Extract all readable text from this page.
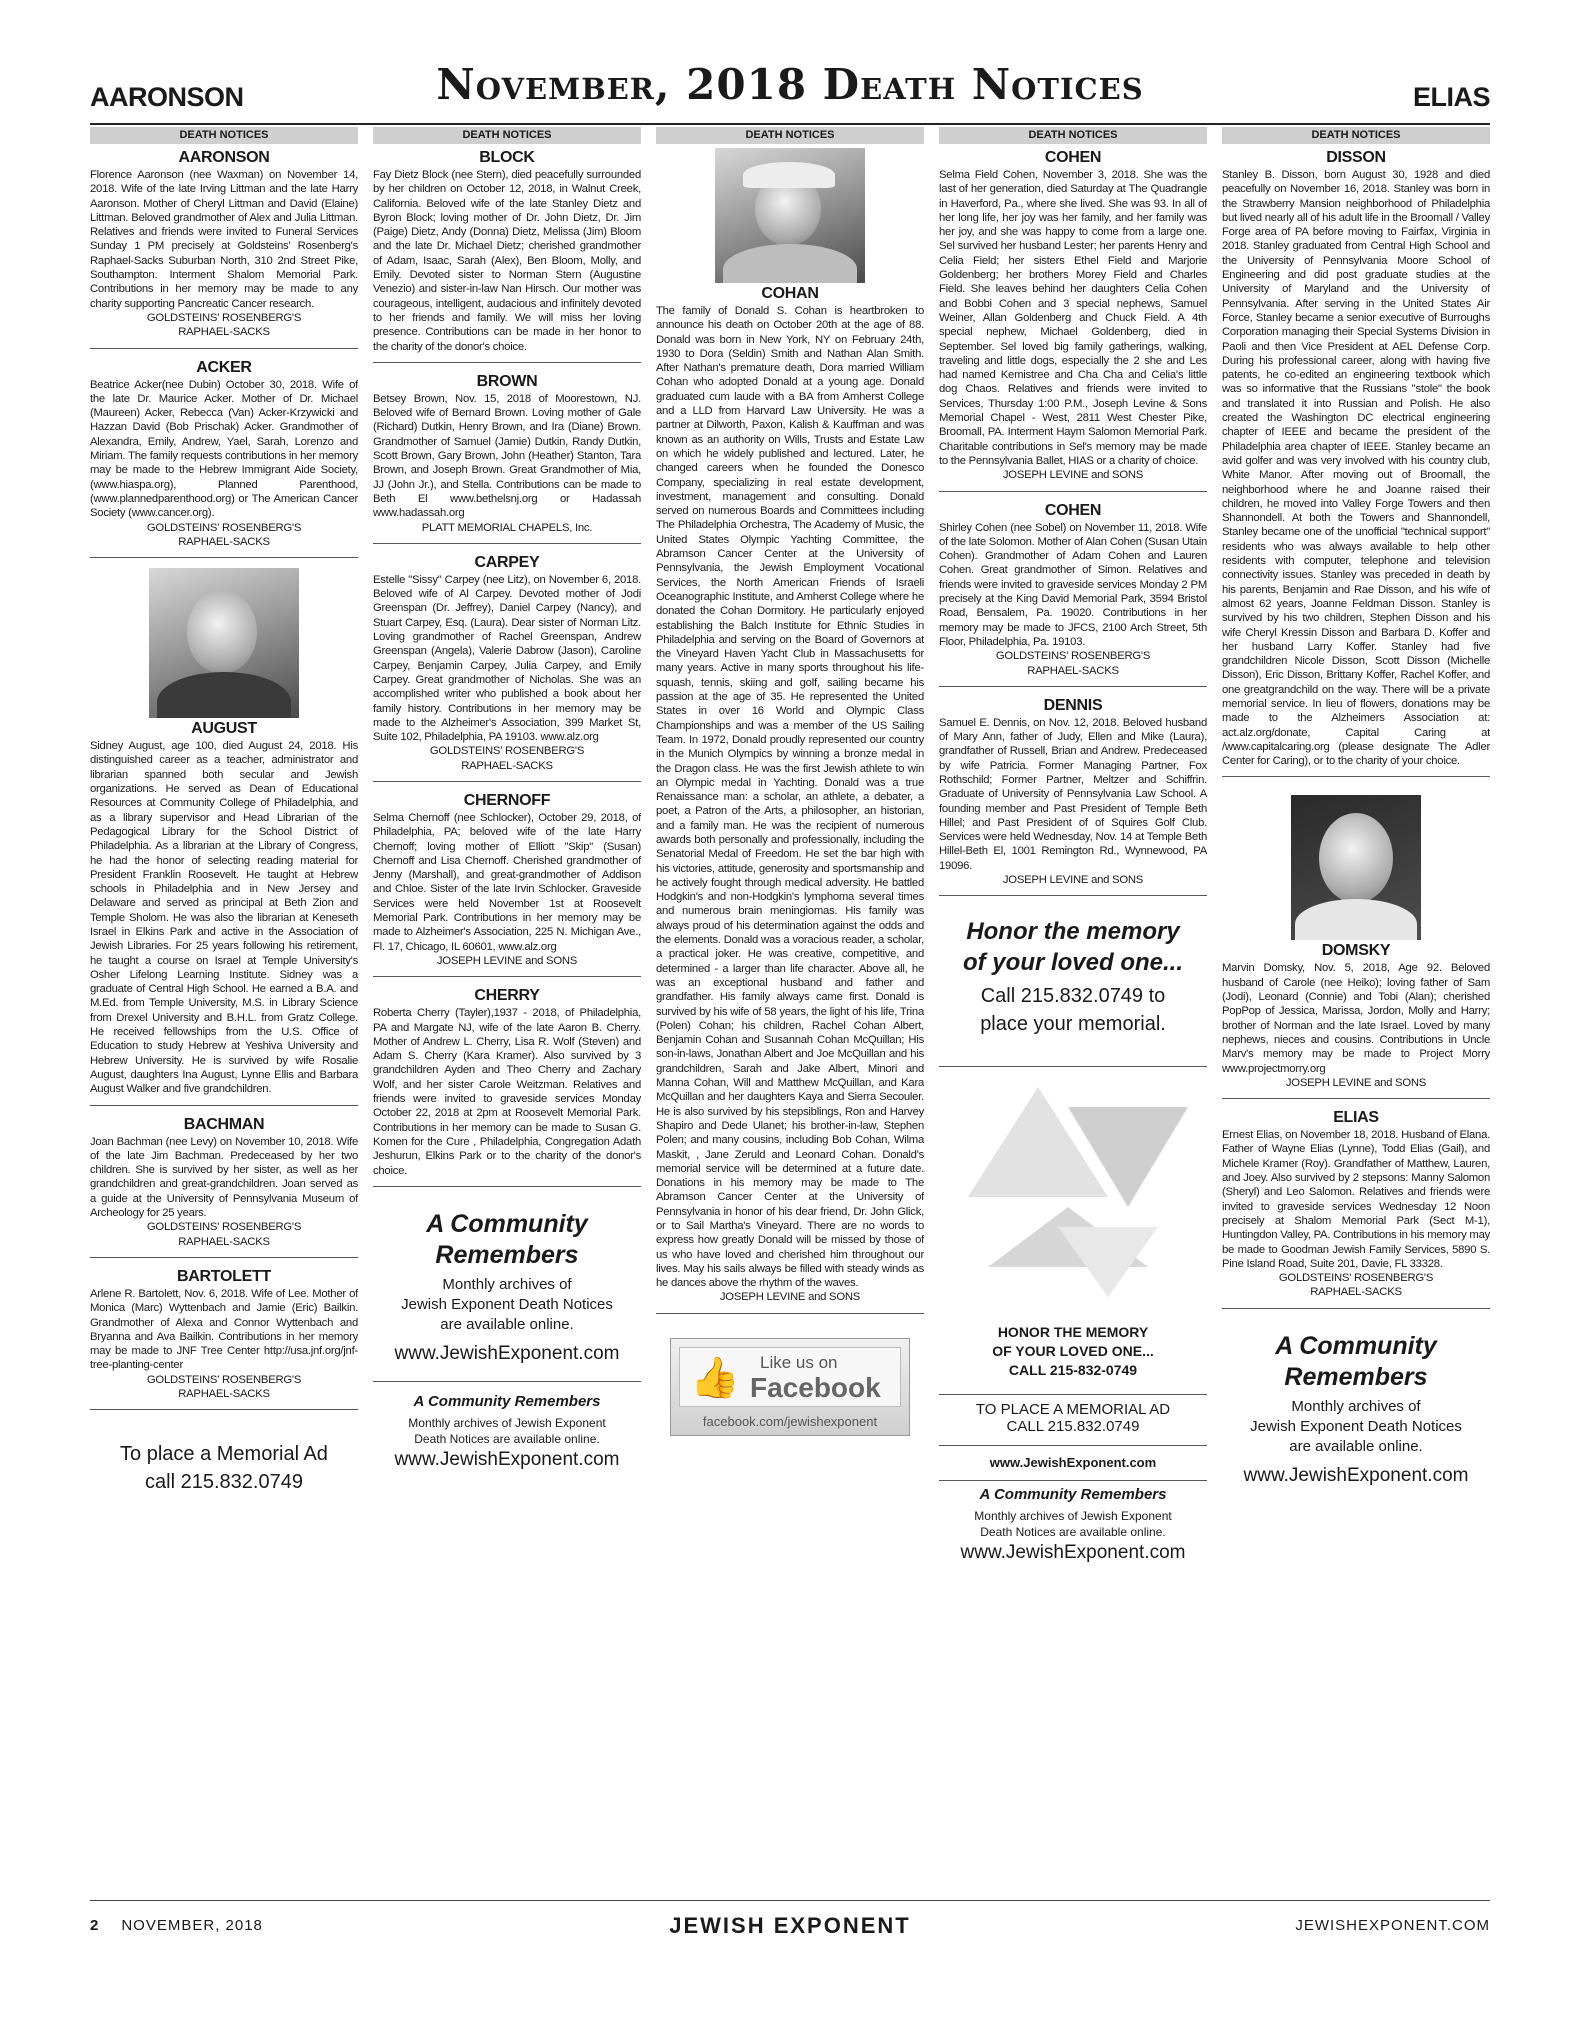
AARONSON	November, 2018 Death Notices	ELIAS
DEATH NOTICES
AARONSON
Florence Aaronson (nee Waxman) on November 14, 2018. Wife of the late Irving Littman and the late Harry Aaronson. Mother of Cheryl Littman and David (Elaine) Littman. Beloved grandmother of Alex and Julia Littman. Relatives and friends were invited to Funeral Services Sunday 1 PM precisely at Goldsteins' Rosenberg's Raphael-Sacks Suburban North, 310 2nd Street Pike, Southampton. Interment Shalom Memorial Park. Contributions in her memory may be made to any charity supporting Pancreatic Cancer research.
GOLDSTEINS' ROSENBERG'S
RAPHAEL-SACKS
ACKER
Beatrice Acker(nee Dubin) October 30, 2018. Wife of the late Dr. Maurice Acker. Mother of Dr. Michael (Maureen) Acker, Rebecca (Van) Acker-Krzywicki and Hazzan David (Bob Prischak) Acker. Grandmother of Alexandra, Emily, Andrew, Yael, Sarah, Lorenzo and Miriam. The family requests contributions in her memory may be made to the Hebrew Immigrant Aide Society, (www.hiaspa.org), Planned Parenthood, (www.plannedparenthood.org) or The American Cancer Society (www.cancer.org).
GOLDSTEINS' ROSENBERG'S
RAPHAEL-SACKS
AUGUST
Sidney August, age 100, died August 24, 2018. His distinguished career as a teacher, administrator and librarian spanned both secular and Jewish organizations. He served as Dean of Educational Resources at Community College of Philadelphia, and as a library supervisor and Head Librarian of the Pedagogical Library for the School District of Philadelphia. As a librarian at the Library of Congress, he had the honor of selecting reading material for President Franklin Roosevelt. He taught at Hebrew schools in Philadelphia and in New Jersey and Delaware and served as principal at Beth Zion and Temple Sholom. He was also the librarian at Keneseth Israel in Elkins Park and active in the Association of Jewish Libraries. For 25 years following his retirement, he taught a course on Israel at Temple University's Osher Lifelong Learning Institute. Sidney was a graduate of Central High School. He earned a B.A. and M.Ed. from Temple University, M.S. in Library Science from Drexel University and B.H.L. from Gratz College. He received fellowships from the U.S. Office of Education to study Hebrew at Yeshiva University and Hebrew University. He is survived by wife Rosalie August, daughters Ina August, Lynne Ellis and Barbara August Walker and five grandchildren.
BACHMAN
Joan Bachman (nee Levy) on November 10, 2018. Wife of the late Jim Bachman. Predeceased by her two children. She is survived by her sister, as well as her grandchildren and great-grandchildren. Joan served as a guide at the University of Pennsylvania Museum of Archeology for 25 years.
GOLDSTEINS' ROSENBERG'S
RAPHAEL-SACKS
BARTOLETT
Arlene R. Bartolett, Nov. 6, 2018. Wife of Lee. Mother of Monica (Marc) Wyttenbach and Jamie (Eric) Bailkin. Grandmother of Alexa and Connor Wyttenbach and Bryanna and Ava Bailkin. Contributions in her memory may be made to JNF Tree Center http://usa.jnf.org/jnf-tree-planting-center
GOLDSTEINS' ROSENBERG'S
RAPHAEL-SACKS
To place a Memorial Ad
call 215.832.0749
DEATH NOTICES
BLOCK
Fay Dietz Block (nee Stern), died peacefully surrounded by her children on October 12, 2018, in Walnut Creek, California. Beloved wife of the late Stanley Dietz and Byron Block; loving mother of Dr. John Dietz, Dr. Jim (Paige) Dietz, Andy (Donna) Dietz, Melissa (Jim) Bloom and the late Dr. Michael Dietz; cherished grandmother of Adam, Isaac, Sarah (Alex), Ben Bloom, Molly, and Emily. Devoted sister to Norman Stern (Augustine Venezio) and sister-in-law Nan Hirsch. Our mother was courageous, intelligent, audacious and infinitely devoted to her friends and family. We will miss her loving presence. Contributions can be made in her honor to the charity of the donor's choice.
BROWN
Betsey Brown, Nov. 15, 2018 of Moorestown, NJ. Beloved wife of Bernard Brown. Loving mother of Gale (Richard) Dutkin, Henry Brown, and Ira (Diane) Brown. Grandmother of Samuel (Jamie) Dutkin, Randy Dutkin, Scott Brown, Gary Brown, John (Heather) Stanton, Tara Brown, and Joseph Brown. Great Grandmother of Mia, JJ (John Jr.), and Stella. Contributions can be made to Beth El www.bethelsnj.org or Hadassah www.hadassah.org
PLATT MEMORIAL CHAPELS, Inc.
CARPEY
Estelle "Sissy" Carpey (nee Litz), on November 6, 2018. Beloved wife of Al Carpey. Devoted mother of Jodi Greenspan (Dr. Jeffrey), Daniel Carpey (Nancy), and Stuart Carpey, Esq. (Laura). Dear sister of Norman Litz. Loving grandmother of Rachel Greenspan, Andrew Greenspan (Angela), Valerie Dabrow (Jason), Caroline Carpey, Benjamin Carpey, Julia Carpey, and Emily Carpey. Great grandmother of Nicholas. She was an accomplished writer who published a book about her family history. Contributions in her memory may be made to the Alzheimer's Association, 399 Market St, Suite 102, Philadelphia, PA 19103. www.alz.org
GOLDSTEINS' ROSENBERG'S
RAPHAEL-SACKS
CHERNOFF
Selma Chernoff (nee Schlocker), October 29, 2018, of Philadelphia, PA; beloved wife of the late Harry Chernoff; loving mother of Elliott "Skip" (Susan) Chernoff and Lisa Chernoff. Cherished grandmother of Jenny (Marshall), and great-grandmother of Addison and Chloe. Sister of the late Irvin Schlocker. Graveside Services were held November 1st at Roosevelt Memorial Park. Contributions in her memory may be made to Alzheimer's Association, 225 N. Michigan Ave., Fl. 17, Chicago, IL 60601, www.alz.org
JOSEPH LEVINE and SONS
CHERRY
Roberta Cherry (Tayler),1937 - 2018, of Philadelphia, PA and Margate NJ, wife of the late Aaron B. Cherry. Mother of Andrew L. Cherry, Lisa R. Wolf (Steven) and Adam S. Cherry (Kara Kramer). Also survived by 3 grandchildren Ayden and Theo Cherry and Zachary Wolf, and her sister Carole Weitzman. Relatives and friends were invited to graveside services Monday October 22, 2018 at 2pm at Roosevelt Memorial Park. Contributions in her memory can be made to Susan G. Komen for the Cure , Philadelphia, Congregation Adath Jeshurun, Elkins Park or to the charity of the donor's choice.
A Community
Remembers
Monthly archives of
Jewish Exponent Death Notices
are available online.
www.JewishExponent.com
A Community Remembers
Monthly archives of Jewish Exponent
Death Notices are available online.
www.JewishExponent.com
DEATH NOTICES
COHAN
The family of Donald S. Cohan is heartbroken to announce his death on October 20th at the age of 88. Donald was born in New York, NY on February 24th, 1930 to Dora (Seldin) Smith and Nathan Alan Smith. After Nathan's premature death, Dora married William Cohan who adopted Donald at a young age. Donald graduated cum laude with a BA from Amherst College and a LLD from Harvard Law University. He was a partner at Dilworth, Paxon, Kalish & Kauffman and was known as an authority on Wills, Trusts and Estate Law on which he widely published and lectured. Later, he changed careers when he founded the Donesco Company, specializing in real estate development, investment, management and consulting. Donald served on numerous Boards and Committees including The Philadelphia Orchestra, The Academy of Music, the United States Olympic Yachting Committee, the Abramson Cancer Center at the University of Pennsylvania, the Jewish Employment Vocational Services, the North American Friends of Israeli Oceanographic Institute, and Amherst College where he donated the Cohan Dormitory. He particularly enjoyed establishing the Balch Institute for Ethnic Studies in Philadelphia and serving on the Board of Governors at the Vineyard Haven Yacht Club in Massachusetts for many years. Active in many sports throughout his life-squash, tennis, skiing and golf, sailing became his passion at the age of 35. He represented the United States in over 16 World and Olympic Class Championships and was a member of the US Sailing Team. In 1972, Donald proudly represented our country in the Munich Olympics by winning a bronze medal in the Dragon class. He was the first Jewish athlete to win an Olympic medal in Yachting. Donald was a true Renaissance man: a scholar, an athlete, a debater, a poet, a Patron of the Arts, a philosopher, an historian, and a family man. He was the recipient of numerous awards both personally and professionally, including the Senatorial Medal of Freedom. He set the bar high with his victories, attitude, generosity and sportsmanship and he actively fought through medical adversity. He battled Hodgkin's and non-Hodgkin's lymphoma several times and numerous brain meningiomas. His family was always proud of his determination against the odds and the elements. Donald was a voracious reader, a scholar, a practical joker. He was creative, competitive, and determined - a larger than life character. Above all, he was an exceptional husband and father and grandfather. His family always came first. Donald is survived by his wife of 58 years, the light of his life, Trina (Polen) Cohan; his children, Rachel Cohan Albert, Benjamin Cohan and Susannah Cohan McQuillan; His son-in-laws, Jonathan Albert and Joe McQuillan and his grandchildren, Sarah and Jake Albert, Minori and Manna Cohan, Will and Matthew McQuillan, and Kara McQuillan and her daughters Kaya and Sierra Secouler. He is also survived by his stepsiblings, Ron and Harvey Shapiro and Dede Ulanet; his brother-in-law, Stephen Polen; and many cousins, including Bob Cohan, Wilma Maskit, , Jane Zeruld and Leonard Cohan. Donald's memorial service will be determined at a future date. Donations in his memory may be made to The Abramson Cancer Center at the University of Pennsylvania in honor of his dear friend, Dr. John Glick, or to Sail Martha's Vineyard. There are no words to express how greatly Donald will be missed by those of us who have loved and cherished him throughout our lives. May his sails always be filled with steady winds as he dances above the rhythm of the waves.
JOSEPH LEVINE and SONS
👍 Like us on
Facebook
facebook.com/jewishexponent
DEATH NOTICES
COHEN
Selma Field Cohen, November 3, 2018. She was the last of her generation, died Saturday at The Quadrangle in Haverford, Pa., where she lived. She was 93. In all of her long life, her joy was her family, and her family was her joy, and she was happy to come from a large one. Sel survived her husband Lester; her parents Henry and Celia Field; her sisters Ethel Field and Marjorie Goldenberg; her brothers Morey Field and Charles Field. She leaves behind her daughters Celia Cohen and Bobbi Cohen and 3 special nephews, Samuel Weiner, Allan Goldenberg and Chuck Field. A 4th special nephew, Michael Goldenberg, died in September. Sel loved big family gatherings, walking, traveling and little dogs, especially the 2 she and Les had named Kemistree and Cha Cha and Celia's little dog Chaos. Relatives and friends were invited to Services, Thursday 1:00 P.M., Joseph Levine & Sons Memorial Chapel - West, 2811 West Chester Pike, Broomall, PA. Interment Haym Salomon Memorial Park. Charitable contributions in Sel's memory may be made to the Pennsylvania Ballet, HIAS or a charity of choice.
JOSEPH LEVINE and SONS
COHEN
Shirley Cohen (nee Sobel) on November 11, 2018. Wife of the late Solomon. Mother of Alan Cohen (Susan Utain Cohen). Grandmother of Adam Cohen and Lauren Cohen. Great grandmother of Simon. Relatives and friends were invited to graveside services Monday 2 PM precisely at the King David Memorial Park, 3594 Bristol Road, Bensalem, Pa. 19020. Contributions in her memory may be made to JFCS, 2100 Arch Street, 5th Floor, Philadelphia, Pa. 19103.
GOLDSTEINS' ROSENBERG'S
RAPHAEL-SACKS
DENNIS
Samuel E. Dennis, on Nov. 12, 2018. Beloved husband of Mary Ann, father of Judy, Ellen and Mike (Laura), grandfather of Russell, Brian and Andrew. Predeceased by wife Patricia. Former Managing Partner, Fox Rothschild; Former Partner, Meltzer and Schiffrin. Graduate of University of Pennsylvania Law School. A founding member and Past President of Temple Beth Hillel; and Past President of of Squires Golf Club. Services were held Wednesday, Nov. 14 at Temple Beth Hillel-Beth El, 1001 Remington Rd., Wynnewood, PA 19096.
JOSEPH LEVINE and SONS
Honor the memory
of your loved one...
Call 215.832.0749 to
place your memorial.
HONOR THE MEMORY
OF YOUR LOVED ONE...
CALL 215-832-0749
TO PLACE A MEMORIAL AD
CALL 215.832.0749
www.JewishExponent.com
A Community Remembers
Monthly archives of Jewish Exponent
Death Notices are available online.
www.JewishExponent.com
DEATH NOTICES
DISSON
Stanley B. Disson, born August 30, 1928 and died peacefully on November 16, 2018. Stanley was born in the Strawberry Mansion neighborhood of Philadelphia but lived nearly all of his adult life in the Broomall / Valley Forge area of PA before moving to Fairfax, Virginia in 2018. Stanley graduated from Central High School and the University of Pennsylvania Moore School of Engineering and did post graduate studies at the University of Maryland and the University of Pennsylvania. After serving in the United States Air Force, Stanley became a senior executive of Burroughs Corporation managing their Special Systems Division in Paoli and then Vice President at AEL Defense Corp. During his professional career, along with having five patents, he co-edited an engineering textbook which was so informative that the Russians "stole" the book and translated it into Russian and Polish. He also created the Washington DC electrical engineering chapter of IEEE and became the president of the Philadelphia area chapter of IEEE. Stanley became an avid golfer and was very involved with his country club, White Manor. After moving out of Broomall, the neighborhood where he and Joanne raised their children, he moved into Valley Forge Towers and then Shannondell. At both the Towers and Shannondell, Stanley became one of the unofficial "technical support" residents who was always available to help other residents with computer, telephone and television connectivity issues. Stanley was preceded in death by his parents, Benjamin and Rae Disson, and his wife of almost 62 years, Joanne Feldman Disson. Stanley is survived by his two children, Stephen Disson and his wife Cheryl Kressin Disson and Barbara D. Koffer and her husband Larry Koffer. Stanley had five grandchildren Nicole Disson, Scott Disson (Michelle Disson), Eric Disson, Brittany Koffer, Rachel Koffer, and one greatgrandchild on the way. There will be a private memorial service. In lieu of flowers, donations may be made to the Alzheimers Association at: act.alz.org/donate, Capital Caring at /www.capitalcaring.org (please designate The Adler Center for Caring), or to the charity of your choice.
DOMSKY
Marvin Domsky, Nov. 5, 2018, Age 92. Beloved husband of Carole (nee Heiko); loving father of Sam (Jodi), Leonard (Connie) and Tobi (Alan); cherished PopPop of Jessica, Marissa, Jordon, Molly and Harry; brother of Norman and the late Israel. Loved by many nephews, nieces and cousins. Contributions in Uncle Marv's memory may be made to Project Morry www.projectmorry.org
JOSEPH LEVINE and SONS
ELIAS
Ernest Elias, on November 18, 2018. Husband of Elana. Father of Wayne Elias (Lynne), Todd Elias (Gail), and Michele Kramer (Roy). Grandfather of Matthew, Lauren, and Joey. Also survived by 2 stepsons: Manny Salomon (Sheryl) and Leo Salomon. Relatives and friends were invited to graveside services Wednesday 12 Noon precisely at Shalom Memorial Park (Sect M-1), Huntingdon Valley, PA. Contributions in his memory may be made to Goodman Jewish Family Services, 5890 S. Pine Island Road, Suite 201, Davie, FL 33328.
GOLDSTEINS' ROSENBERG'S
RAPHAEL-SACKS
A Community
Remembers
Monthly archives of
Jewish Exponent Death Notices
are available online.
www.JewishExponent.com
2 NOVEMBER, 2018	JEWISH EXPONENT	JEWISHEXPONENT.COM
